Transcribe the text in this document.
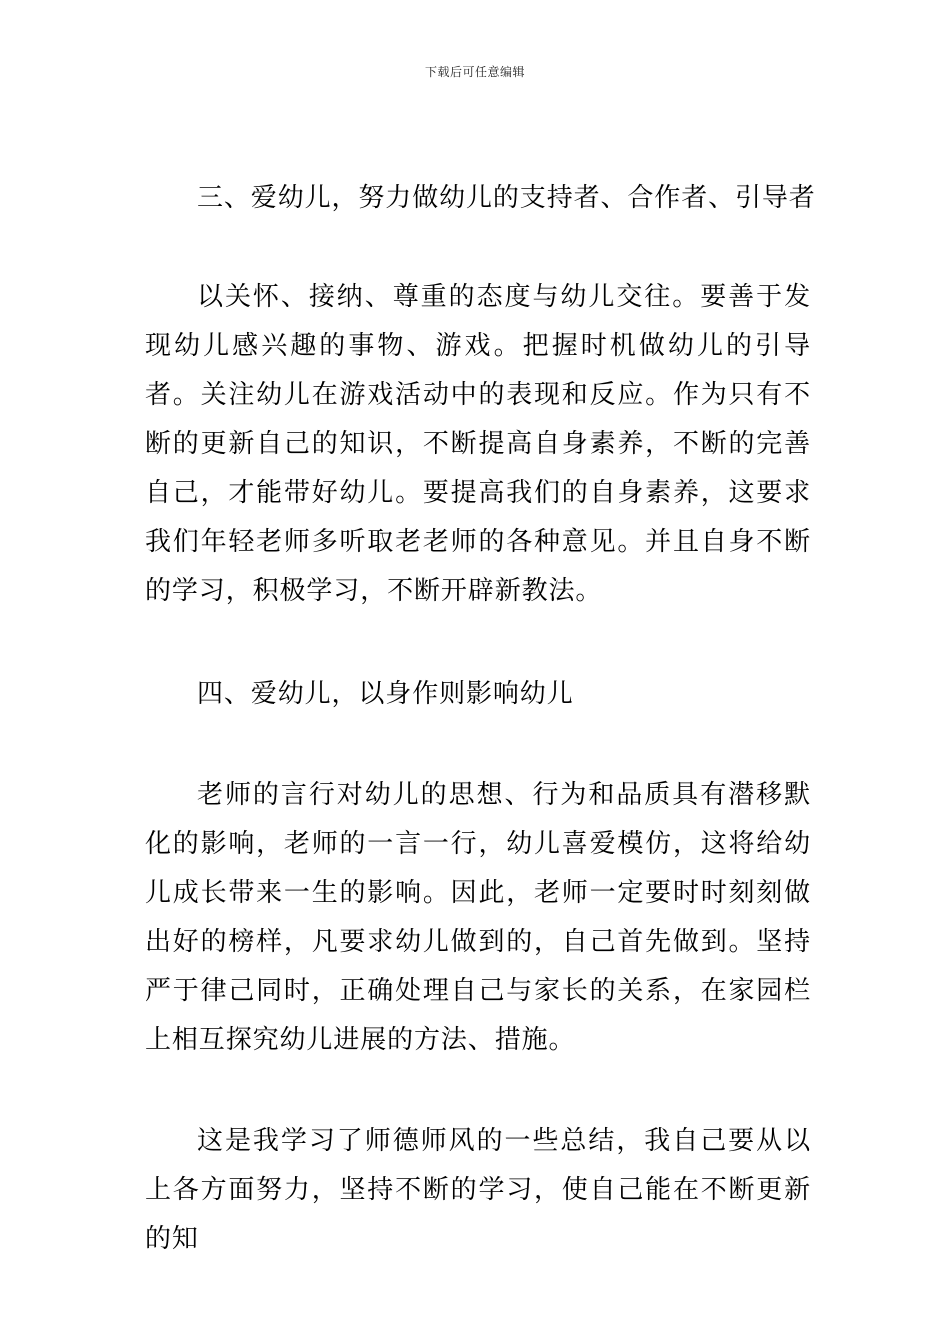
下载后可任意编辑

三、爱幼儿，努力做幼儿的支持者、合作者、引导者

以关怀、接纳、尊重的态度与幼儿交往。要善于发现幼儿感兴趣的事物、游戏。把握时机做幼儿的引导者。关注幼儿在游戏活动中的表现和反应。作为只有不断的更新自己的知识，不断提高自身素养，不断的完善自己，才能带好幼儿。要提高我们的自身素养，这要求我们年轻老师多听取老老师的各种意见。并且自身不断的学习，积极学习，不断开辟新教法。

四、爱幼儿，以身作则影响幼儿

老师的言行对幼儿的思想、行为和品质具有潜移默化的影响，老师的一言一行，幼儿喜爱模仿，这将给幼儿成长带来一生的影响。因此，老师一定要时时刻刻做出好的榜样，凡要求幼儿做到的，自己首先做到。坚持严于律己同时，正确处理自己与家长的关系，在家园栏上相互探究幼儿进展的方法、措施。

这是我学习了师德师风的一些总结，我自己要从以上各方面努力，坚持不断的学习，使自己能在不断更新的知
